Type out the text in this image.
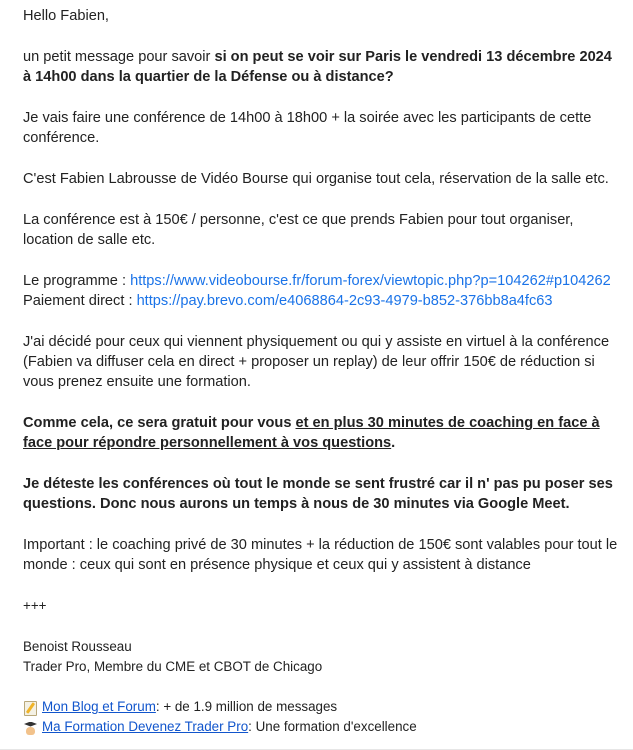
Hello Fabien,

un petit message pour savoir si on peut se voir sur Paris le vendredi 13 décembre 2024 à 14h00 dans la quartier de la Défense ou à distance?

Je vais faire une conférence de 14h00 à 18h00 + la soirée avec les participants de cette conférence.

C'est Fabien Labrousse de Vidéo Bourse qui organise tout cela, réservation de la salle etc.

La conférence est à 150€ / personne, c'est ce que prends Fabien pour tout organiser, location de salle etc.

Le programme : https://www.videobourse.fr/forum-forex/viewtopic.php?p=104262#p104262
Paiement direct : https://pay.brevo.com/e4068864-2c93-4979-b852-376bb8a4fc63

J'ai décidé pour ceux qui viennent physiquement ou qui y assiste en virtuel à la conférence (Fabien va diffuser cela en direct + proposer un replay) de leur offrir 150€ de réduction si vous prenez ensuite une formation.

Comme cela, ce sera gratuit pour vous et en plus 30 minutes de coaching en face à face pour répondre personnellement à vos questions.

Je déteste les conférences où tout le monde se sent frustré car il n' pas pu poser ses questions. Donc nous aurons un temps à nous de 30 minutes via Google Meet.

Important : le coaching privé de 30 minutes + la réduction de 150€ sont valables pour tout le monde : ceux qui sont en présence physique et ceux qui y assistent à distance

+++

Benoist Rousseau

Trader Pro, Membre du CME et CBOT de Chicago

Mon Blog et Forum : + de 1.9 million de messages

Ma Formation Devenez Trader Pro : Une formation d'excellence
